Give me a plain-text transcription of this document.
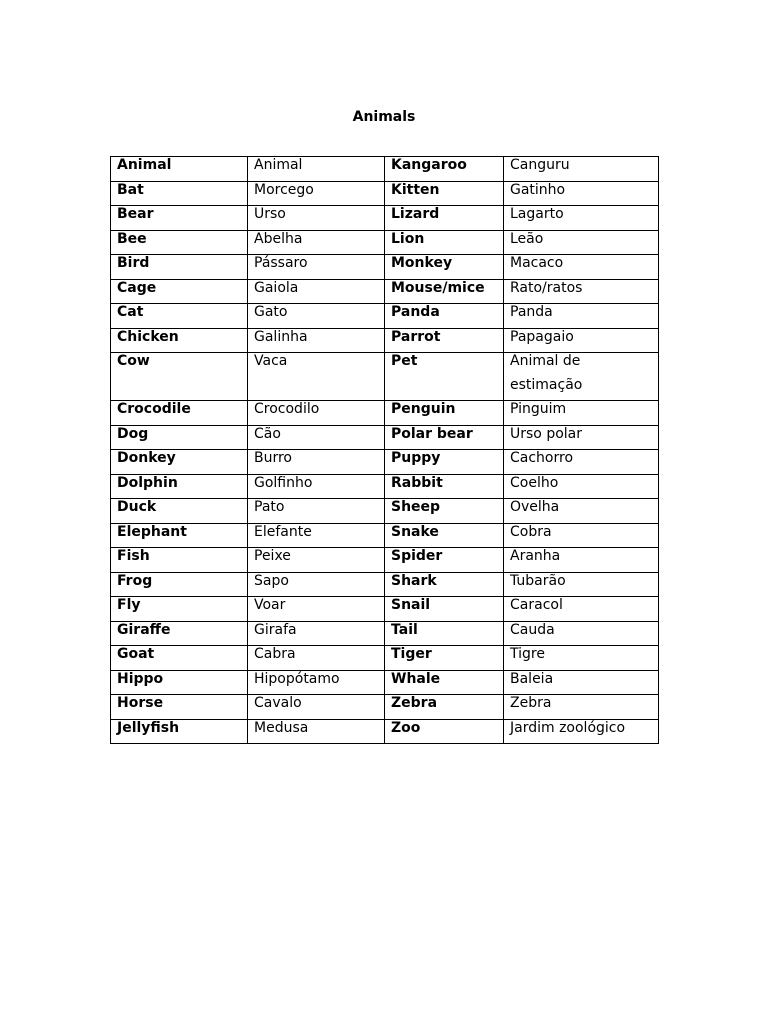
Animals
Animal	Animal	Kangaroo	Canguru
Bat	Morcego	Kitten	Gatinho
Bear	Urso	Lizard	Lagarto
Bee	Abelha	Lion	Leão
Bird	Pássaro	Monkey	Macaco
Cage	Gaiola	Mouse/mice	Rato/ratos
Cat	Gato	Panda	Panda
Chicken	Galinha	Parrot	Papagaio

Cow	Vaca	Pet	Animal de estimação

Crocodile	Crocodilo	Penguin	Pinguim
Dog	Cão	Polar bear	Urso polar
Donkey	Burro	Puppy	Cachorro
Dolphin	Golfinho	Rabbit	Coelho
Duck	Pato	Sheep	Ovelha
Elephant	Elefante	Snake	Cobra
Fish	Peixe	Spider	Aranha
Frog	Sapo	Shark	Tubarão
Fly	Voar	Snail	Caracol
Giraffe	Girafa	Tail	Cauda
Goat	Cabra	Tiger	Tigre
Hippo	Hipopótamo	Whale	Baleia
Horse	Cavalo	Zebra	Zebra
Jellyfish	Medusa	Zoo	Jardim zoológico
